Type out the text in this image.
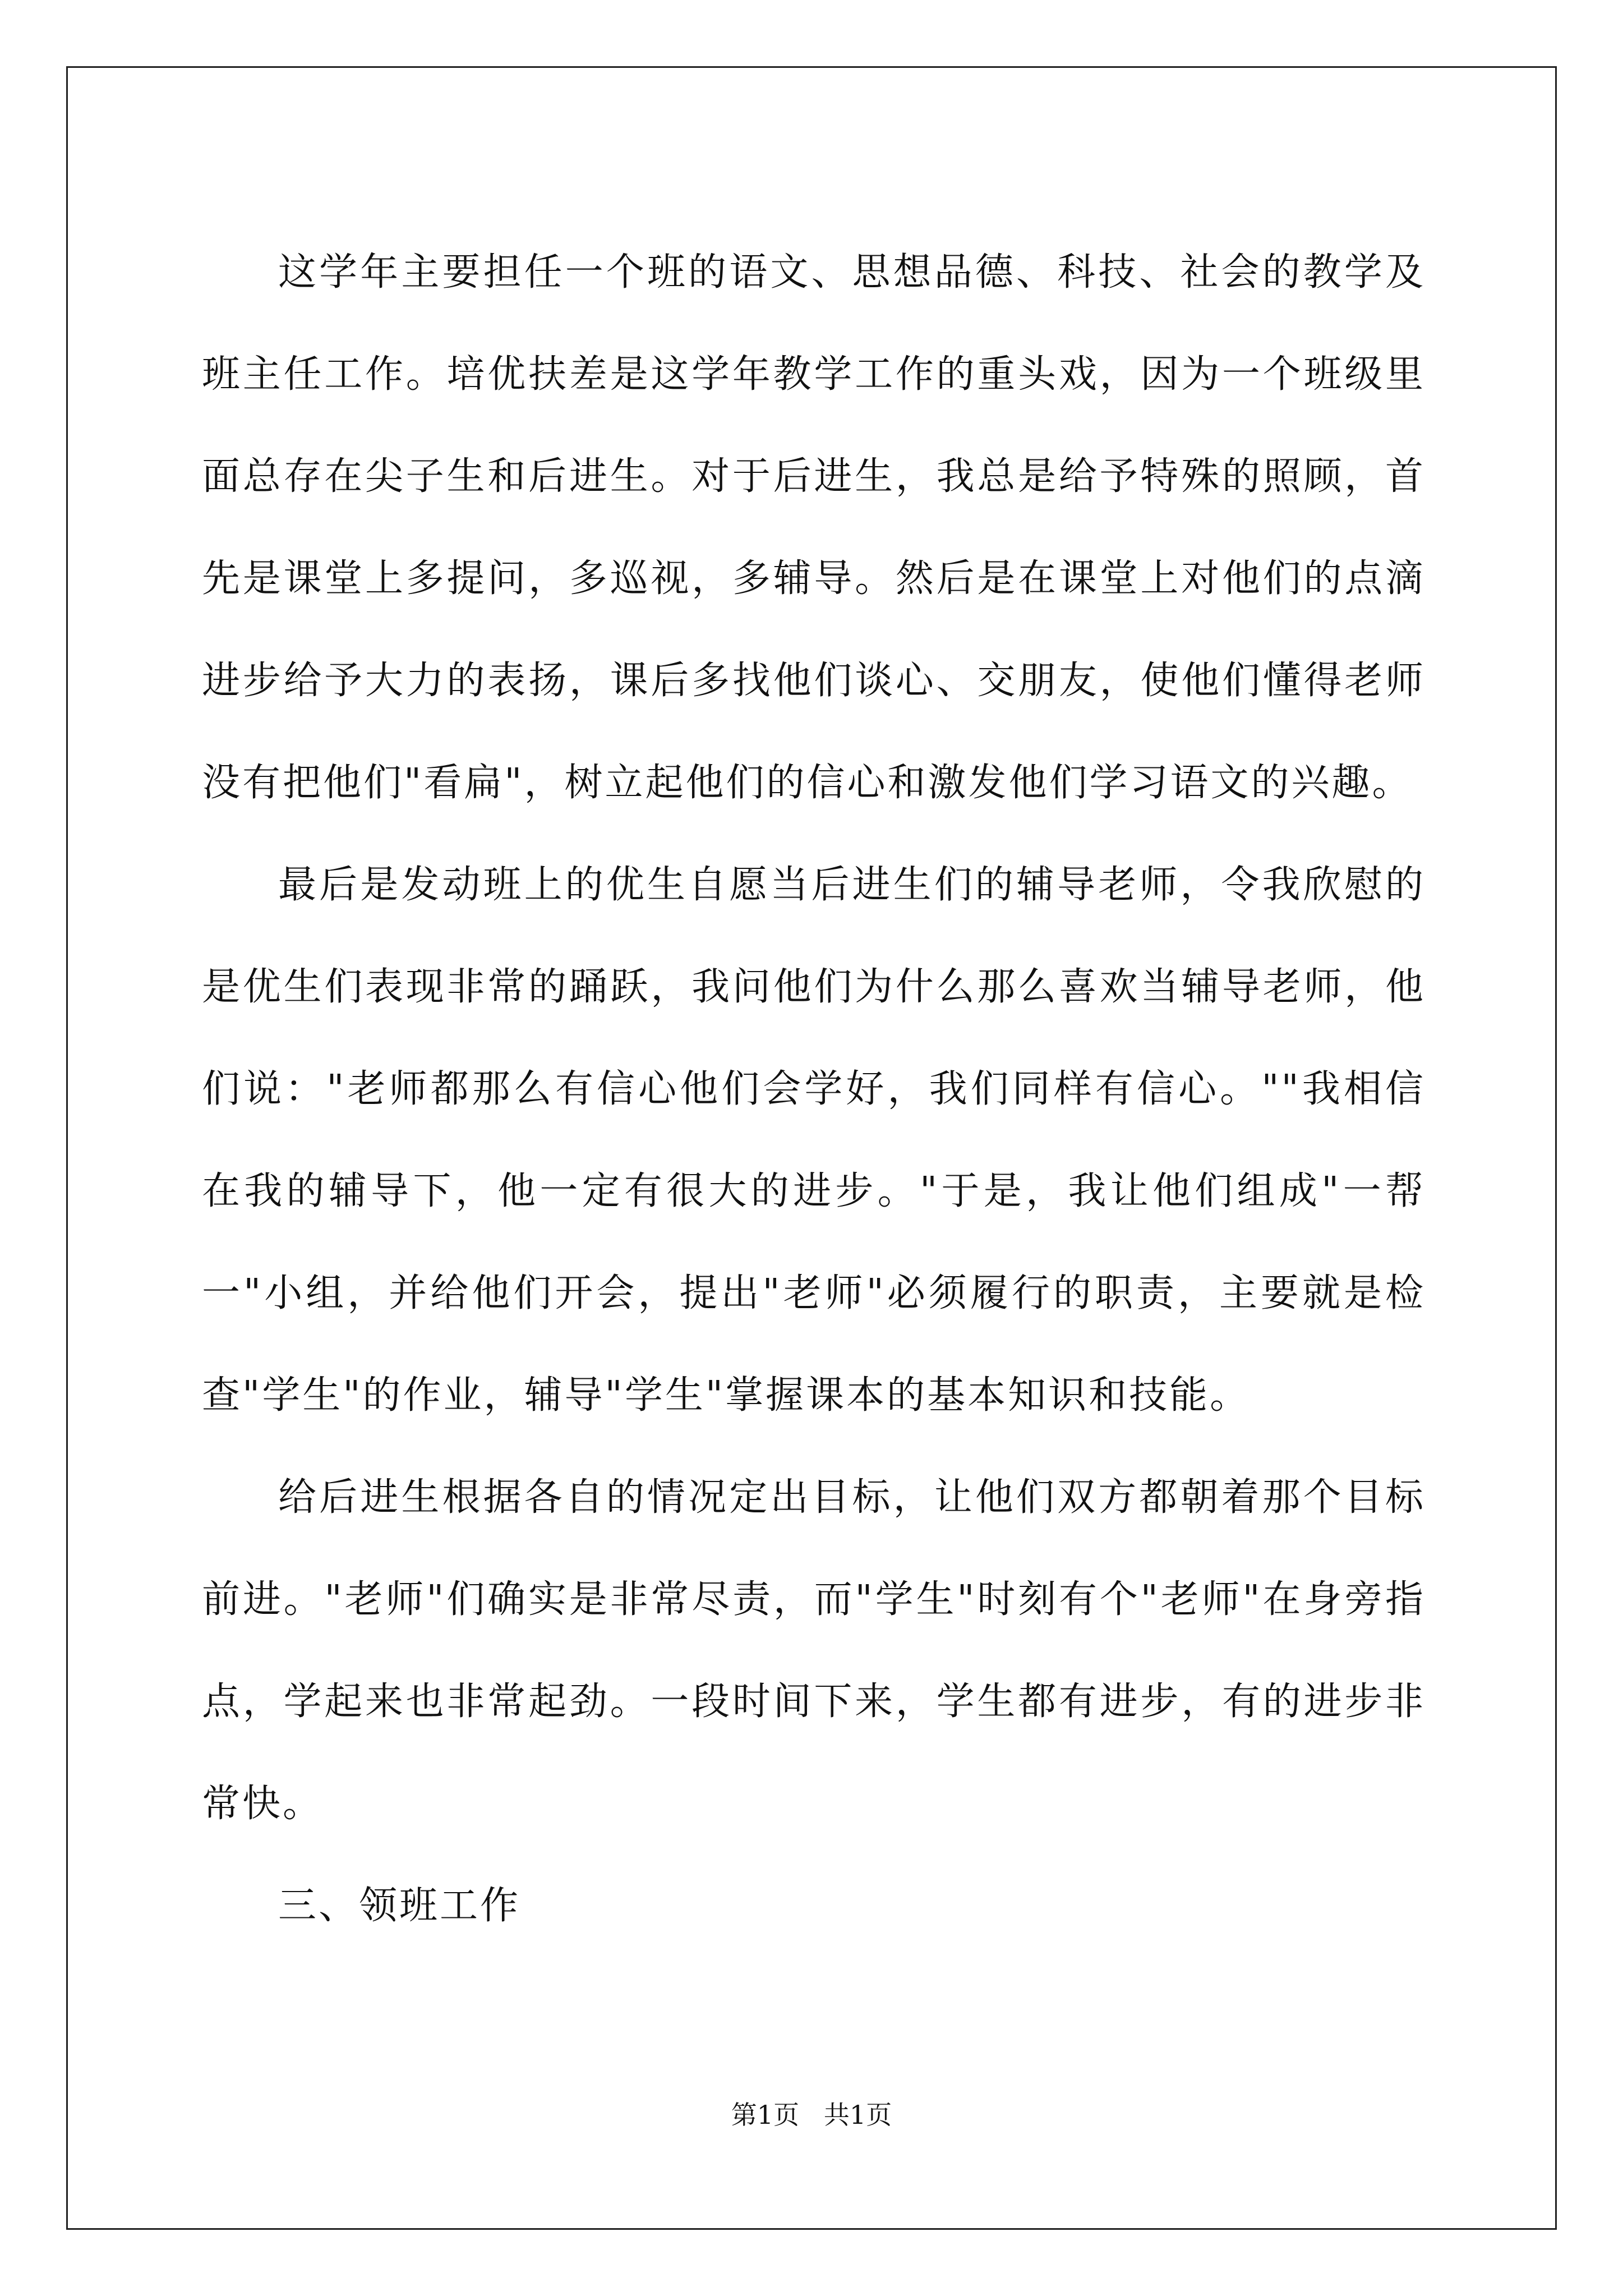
这学年主要担任一个班的语文、思想品德、科技、社会的教学及班主任工作。培优扶差是这学年教学工作的重头戏，因为一个班级里面总存在尖子生和后进生。对于后进生，我总是给予特殊的照顾，首先是课堂上多提问，多巡视，多辅导。然后是在课堂上对他们的点滴进步给予大力的表扬，课后多找他们谈心、交朋友，使他们懂得老师没有把他们"看扁"，树立起他们的信心和激发他们学习语文的兴趣。

最后是发动班上的优生自愿当后进生们的辅导老师，令我欣慰的是优生们表现非常的踊跃，我问他们为什么那么喜欢当辅导老师，他们说："老师都那么有信心他们会学好，我们同样有信心。""我相信在我的辅导下，他一定有很大的进步。"于是，我让他们组成"一帮一"小组，并给他们开会，提出"老师"必须履行的职责，主要就是检查"学生"的作业，辅导"学生"掌握课本的基本知识和技能。

给后进生根据各自的情况定出目标，让他们双方都朝着那个目标前进。"老师"们确实是非常尽责，而"学生"时刻有个"老师"在身旁指点，学起来也非常起劲。一段时间下来，学生都有进步，有的进步非常快。

三、领班工作

第1页   共1页
